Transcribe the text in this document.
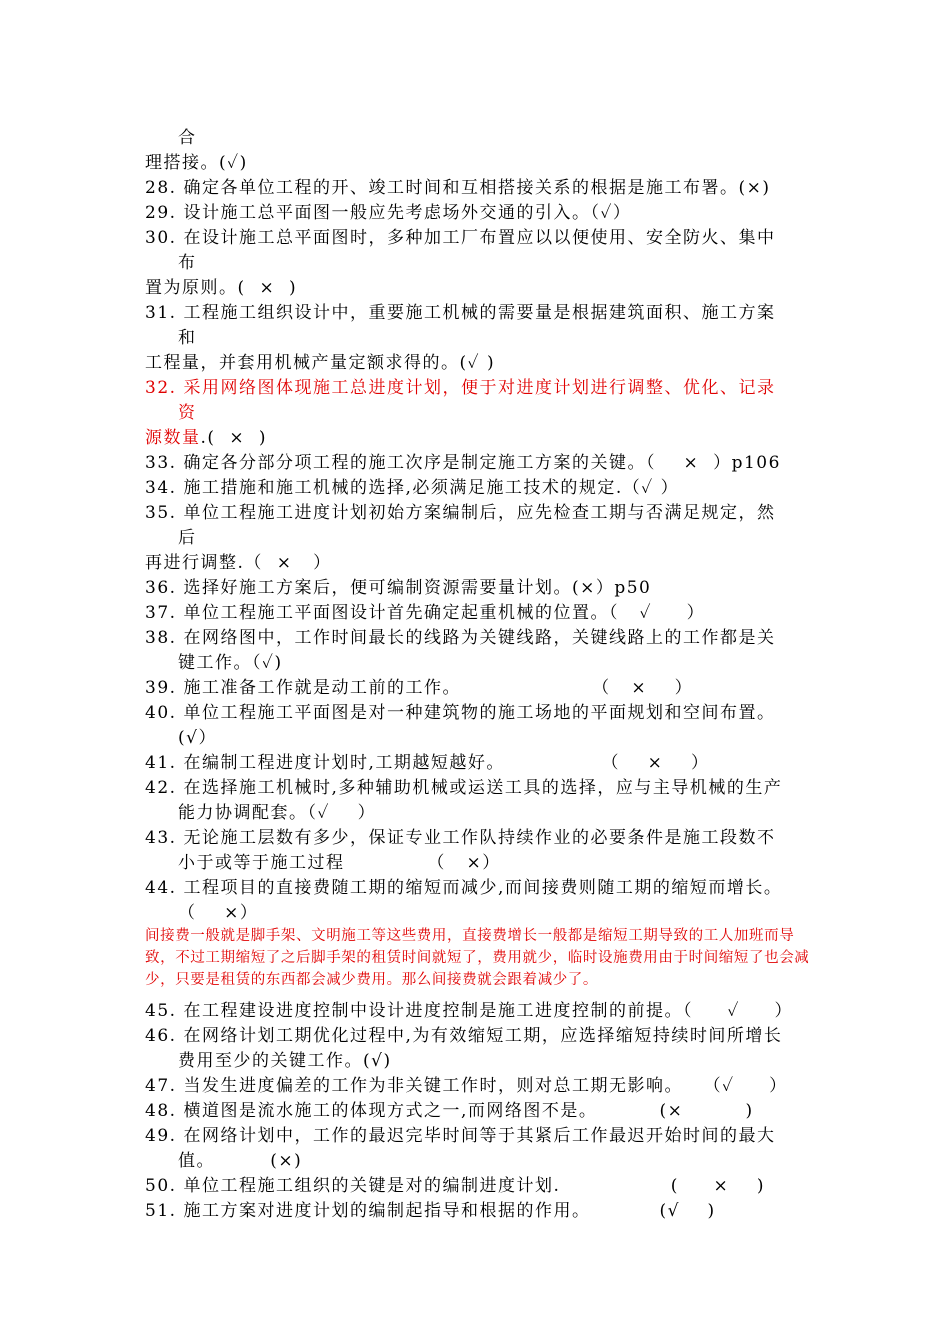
合
理搭接。(✓)
28. 确定各单位工程的开、竣工时间和互相搭接关系的根据是施工布署。(×)
29. 设计施工总平面图一般应先考虑场外交通的引入。（✓）
30. 在设计施工总平面图时，多种加工厂布置应以以便使用、安全防火、集中
布
置为原则。(  ×  )
31. 工程施工组织设计中，重要施工机械的需要量是根据建筑面积、施工方案
和
工程量，并套用机械产量定额求得的。(✓ )
32. 采用网络图体现施工总进度计划，便于对进度计划进行调整、优化、记录
资
源数量.(  ×  )
33. 确定各分部分项工程的施工次序是制定施工方案的关键。（    ×  ）p106
34. 施工措施和施工机械的选择,必须满足施工技术的规定.（✓ ）
35. 单位工程施工进度计划初始方案编制后，应先检查工期与否满足规定，然
后
再进行调整.（  ×   ）
36. 选择好施工方案后，便可编制资源需要量计划。(×）p50
37. 单位工程施工平面图设计首先确定起重机械的位置。（   ✓     ）
38. 在网络图中，工作时间最长的线路为关键线路，关键线路上的工作都是关
键工作。（✓)
39. 施工准备工作就是动工前的工作。                   （   ×    ）
40. 单位工程施工平面图是对一种建筑物的施工场地的平面规划和空间布置。
(√）
41. 在编制工程进度计划时,工期越短越好。              （    ×    ）
42. 在选择施工机械时,多种辅助机械或运送工具的选择，应与主导机械的生产
能力协调配套。（✓    ）
43. 无论施工层数有多少，保证专业工作队持续作业的必要条件是施工段数不
小于或等于施工过程            （   ×）
44. 工程项目的直接费随工期的缩短而减少,而间接费则随工期的缩短而增长。
（    ×）
间接费一般就是脚手架、文明施工等这些费用，直接费增长一般都是缩短工期导致的工人加班而导致，不过工期缩短了之后脚手架的租赁时间就短了，费用就少，临时设施费用由于时间缩短了也会减少，只要是租赁的东西都会减少费用。那么间接费就会跟着减少了。
45. 在工程建设进度控制中设计进度控制是施工进度控制的前提。（     ✓     ）
46. 在网络计划工期优化过程中,为有效缩短工期，应选择缩短持续时间所增长
费用至少的关键工作。(√)
47. 当发生进度偏差的工作为非关键工作时，则对总工期无影响。   （✓     ）
48. 横道图是流水施工的体现方式之一,而网络图不是。         (×         )
49. 在网络计划中，工作的最迟完毕时间等于其紧后工作最迟开始时间的最大
值。        (×)
50. 单位工程施工组织的关键是对的编制进度计划.                (     ×    )
51. 施工方案对进度计划的编制起指导和根据的作用。          (√    )
